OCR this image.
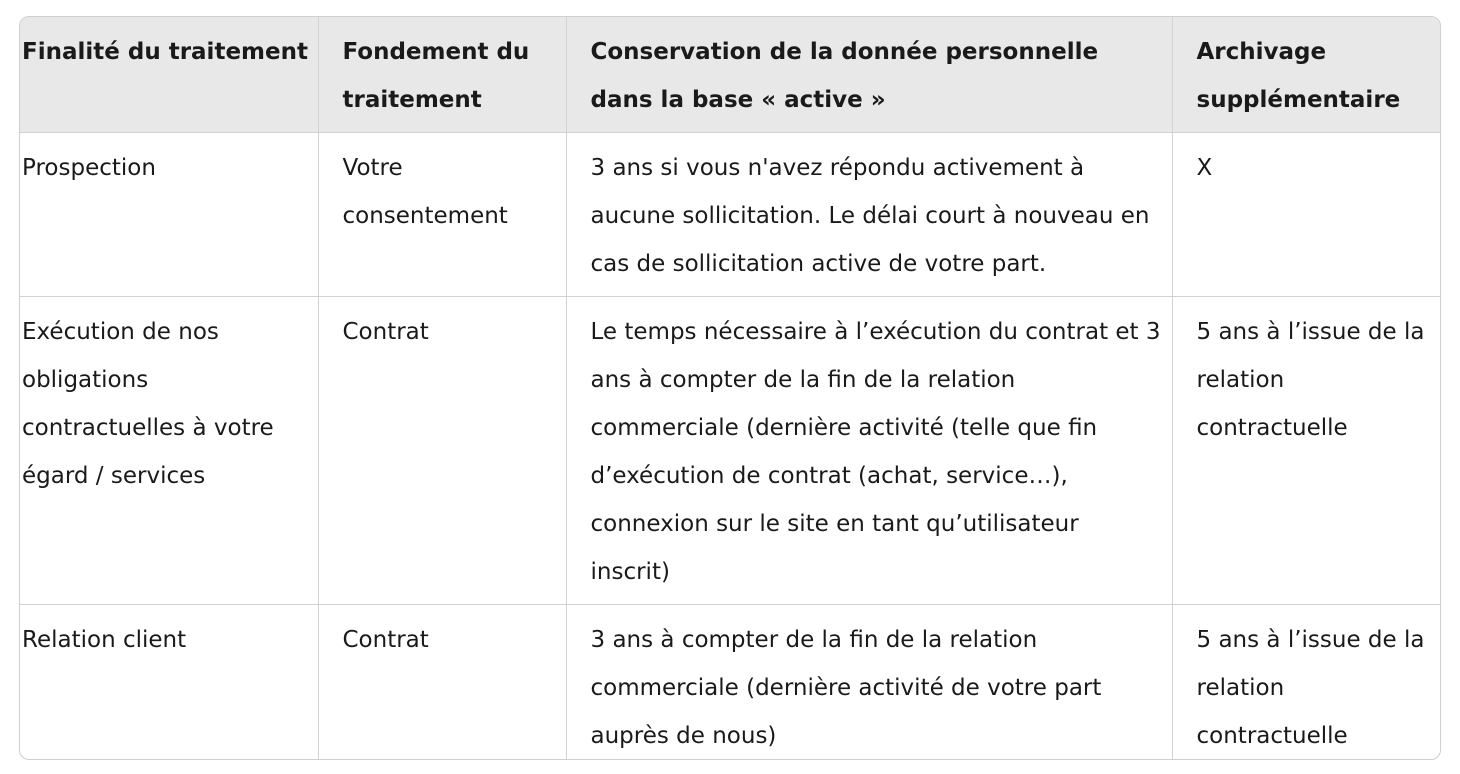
Finalité du traitement	Fondement du traitement	Conservation de la donnée personnelle dans la base « active »	Archivage supplémentaire
Prospection	Votre consentement	3 ans si vous n'avez répondu activement à aucune sollicitation. Le délai court à nouveau en cas de sollicitation active de votre part.	X
Exécution de nos obligations contractuelles à votre égard / services	Contrat	Le temps nécessaire à l’exécution du contrat et 3 ans à compter de la fin de la relation commerciale (dernière activité (telle que fin d’exécution de contrat (achat, service…), connexion sur le site en tant qu’utilisateur inscrit)	5 ans à l’issue de la relation contractuelle
Relation client	Contrat	3 ans à compter de la fin de la relation commerciale (dernière activité de votre part auprès de nous)	5 ans à l’issue de la relation contractuelle
